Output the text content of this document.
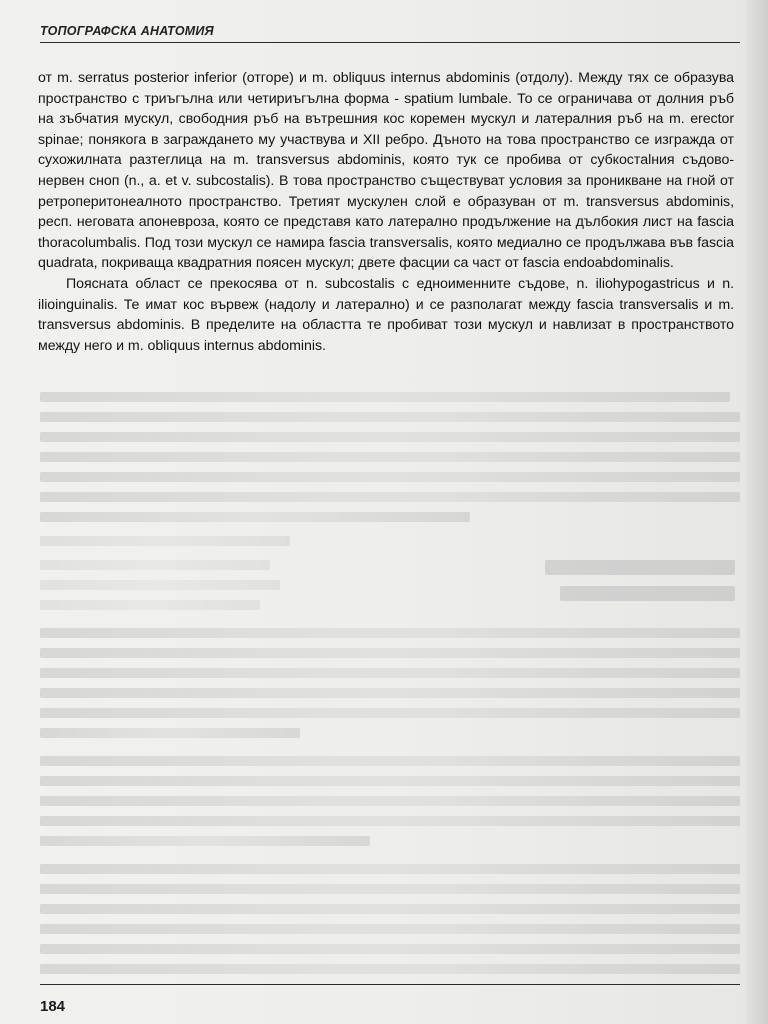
ТОПОГРАФСКА АНАТОМИЯ

от m. serratus posterior inferior (отгоре) и m. obliquus internus abdominis (отдолу). Между тях се образува пространство с триъгълна или четириъгълна форма - spatium lumbale. То се ограничава от долния ръб на зъбчатия мускул, свободния ръб на вътрешния кос коремен мускул и латералния ръб на m. erector spinae; понякога в заграждането му участвува и XII ребро. Дъното на това пространство се изгражда от сухожилната разтеглица на m. transversus abdominis, която тук се пробива от субкостalния съдово-нервен сноп (n., a. et v. subcostalis). В това пространство съществуват условия за проникване на гной от ретроперитонеалното пространство. Третият мускулен слой е образуван от m. transversus abdominis, респ. неговата апоневроза, която се представя като латерално продължение на дълбокия лист на fascia thoracolumbalis. Под този мускул се намира fascia transversalis, която медиално се продължава във fascia quadrata, покриваща квадратния поясен мускул; двете фасции са част от fascia endoabdominalis.

Поясната област се прекосява от n. subcostalis с едноименните съдове, n. iliohypogastricus и n. ilioinguinalis. Те имат кос вървеж (надолу и латерално) и се разполагат между fascia transversalis и m. transversus abdominis. В пределите на областта те пробиват този мускул и навлизат в пространството между него и m. obliquus internus abdominis.

184
